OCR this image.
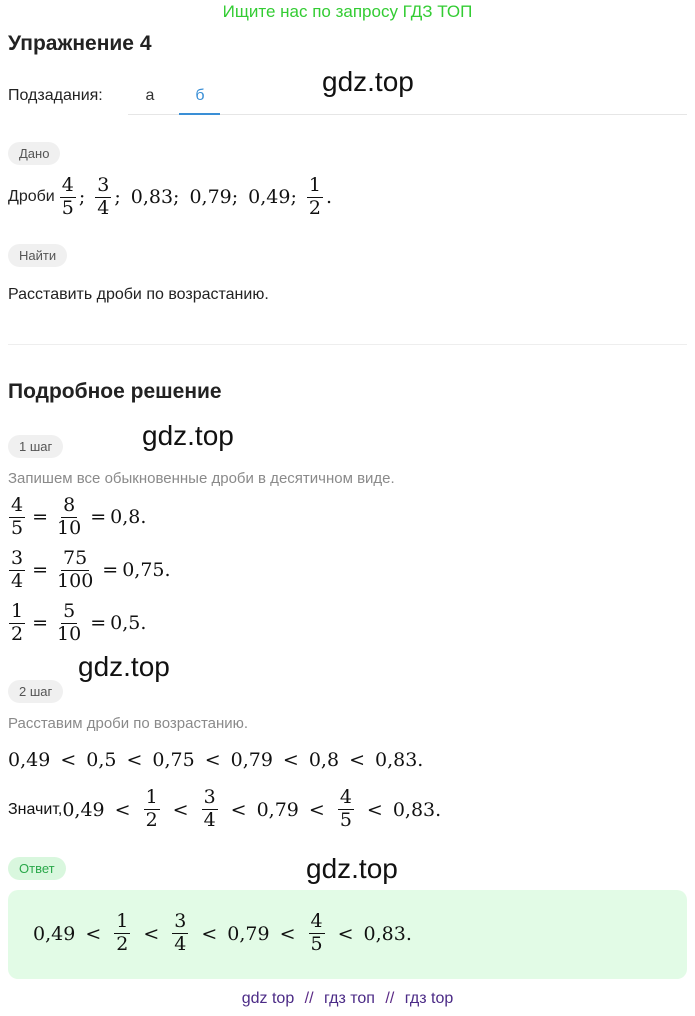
Ищите нас по запросу ГДЗ ТОП
Упражнение 4
Подзадания:	а	б	gdz.top
Дано
Дроби $\frac{4}{5}$ ; $\frac{3}{4}$ ; 0,83 ; 0,79 ; 0,49 ; $\frac{1}{2}$ .
Найти
Расставить дроби по возрастанию.
Подробное решение
1 шаг	gdz.top
Запишем все обыкновенные дроби в десятичном виде.
$\frac{4}{5} = \frac{8}{10} = 0,8$.
$\frac{3}{4} = \frac{75}{100} = 0,75$.
$\frac{1}{2} = \frac{5}{10} = 0,5$.
gdz.top
2 шаг
Расставим дроби по возрастанию.
0,49 < 0,5 < 0,75 < 0,79 < 0,8 < 0,83.
Значит, $0,49 < \frac{1}{2} < \frac{3}{4} < 0,79 < \frac{4}{5} < 0,83$.
Ответ	gdz.top
$0,49 < \frac{1}{2} < \frac{3}{4} < 0,79 < \frac{4}{5} < 0,83$.
gdz top // гдз топ // гдз top
